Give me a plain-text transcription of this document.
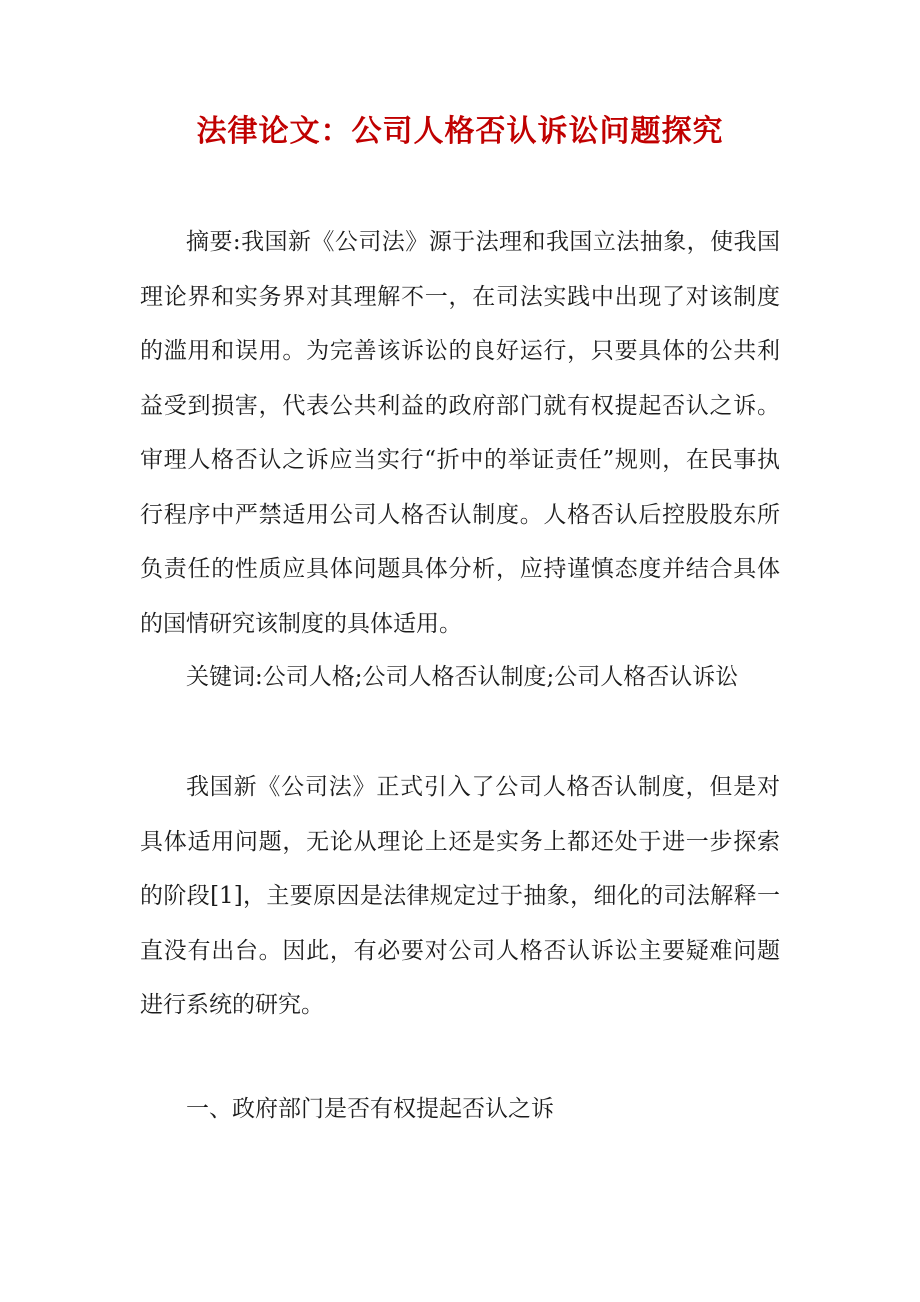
法律论文：公司人格否认诉讼问题探究

摘要:我国新《公司法》源于法理和我国立法抽象，使我国理论界和实务界对其理解不一，在司法实践中出现了对该制度的滥用和误用。为完善该诉讼的良好运行，只要具体的公共利益受到损害，代表公共利益的政府部门就有权提起否认之诉。审理人格否认之诉应当实行“折中的举证责任”规则，在民事执行程序中严禁适用公司人格否认制度。人格否认后控股股东所负责任的性质应具体问题具体分析，应持谨慎态度并结合具体的国情研究该制度的具体适用。

关键词:公司人格;公司人格否认制度;公司人格否认诉讼

我国新《公司法》正式引入了公司人格否认制度，但是对具体适用问题，无论从理论上还是实务上都还处于进一步探索的阶段[1]，主要原因是法律规定过于抽象，细化的司法解释一直没有出台。因此，有必要对公司人格否认诉讼主要疑难问题进行系统的研究。

一、政府部门是否有权提起否认之诉
